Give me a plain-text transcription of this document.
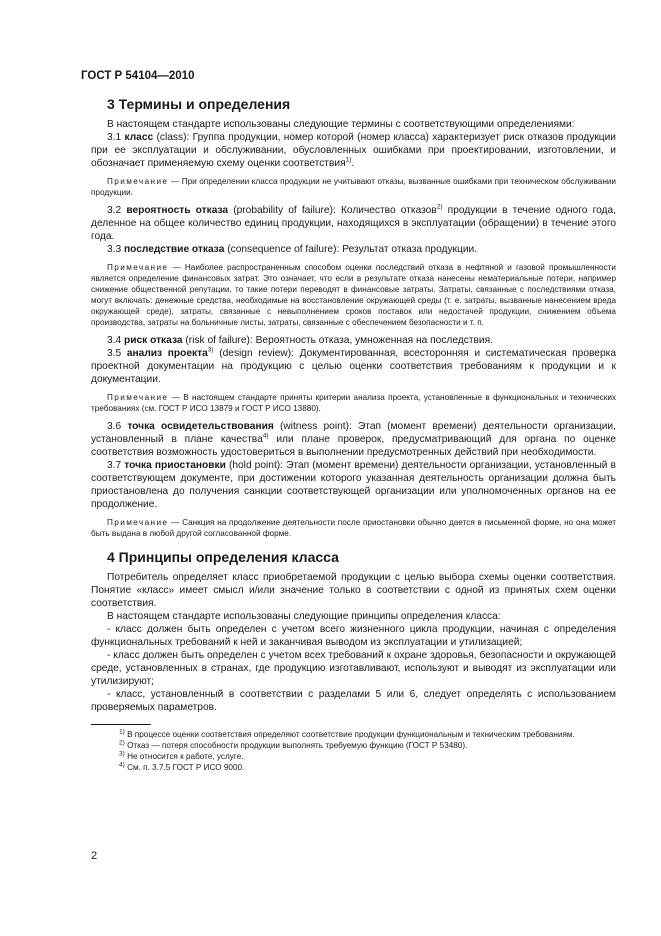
ГОСТ Р 54104—2010
3 Термины и определения

В настоящем стандарте использованы следующие термины с соответствующими определениями:

3.1 класс (class): Группа продукции, номер которой (номер класса) характеризует риск отказов продукции при ее эксплуатации и обслуживании, обусловленных ошибками при проектировании, изготовлении, и обозначает применяемую схему оценки соответствия$^{1)}$.

Примечание — При определении класса продукции не учитывают отказы, вызванные ошибками при техническом обслуживании продукции.

3.2 вероятность отказа (probability of failure): Количество отказов$^{2)}$ продукции в течение одного года, деленное на общее количество единиц продукции, находящихся в эксплуатации (обращении) в течение этого года.

3.3 последствие отказа (consequence of failure): Результат отказа продукции.

Примечание — Наиболее распространенным способом оценки последствий отказа в нефтяной и газовой промышленности является определение финансовых затрат. Это означает, что если в результате отказа нанесены нематериальные потери, например снижение общественной репутации, то такие потери переводят в финансовые затраты. Затраты, связанные с последствиями отказа, могут включать: денежные средства, необходимые на восстановление окружающей среды (т. е. затраты, вызванные нанесением вреда окружающей среде), затраты, связанные с невыполнением сроков поставок или недостачей продукции, снижением объема производства, затраты на больничные листы, затраты, связанные с обеспечением безопасности и т. п.

3.4 риск отказа (risk of failure): Вероятность отказа, умноженная на последствия.

3.5 анализ проекта$^{3)}$ (design review): Документированная, всесторонняя и систематическая проверка проектной документации на продукцию с целью оценки соответствия требованиям к продукции и к документации.

Примечание — В настоящем стандарте приняты критерии анализа проекта, установленные в функциональных и технических требованиях (см. ГОСТ Р ИСО 13879 и ГОСТ Р ИСО 13880).

3.6 точка освидетельствования (witness point): Этап (момент времени) деятельности организации, установленный в плане качества$^{4)}$ или плане проверок, предусматривающий для органа по оценке соответствия возможность удостовериться в выполнении предусмотренных действий при необходимости.

3.7 точка приостановки (hold point): Этап (момент времени) деятельности организации, установленный в соответствующем документе, при достижении которого указанная деятельность организации должна быть приостановлена до получения санкции соответствующей организации или уполномоченных органов на ее продолжение.

Примечание — Санкция на продолжение деятельности после приостановки обычно дается в письменной форме, но она может быть выдана в любой другой согласованной форме.

4 Принципы определения класса

Потребитель определяет класс приобретаемой продукции с целью выбора схемы оценки соответствия. Понятие «класс» имеет смысл и/или значение только в соответствии с одной из принятых схем оценки соответствия.

В настоящем стандарте использованы следующие принципы определения класса:

- класс должен быть определен с учетом всего жизненного цикла продукции, начиная с определения функциональных требований к ней и заканчивая выводом из эксплуатации и утилизацией;

- класс должен быть определен с учетом всех требований к охране здоровья, безопасности и окружающей среде, установленных в странах, где продукцию изготавливают, используют и выводят из эксплуатации или утилизируют;

- класс, установленный в соответствии с разделами 5 или 6, следует определять с использованием проверяемых параметров.

$^{1)}$ В процессе оценки соответствия определяют соответствие продукции функциональным и техническим требованиям.

$^{2)}$ Отказ — потеря способности продукции выполнять требуемую функцию (ГОСТ Р 53480).

$^{3)}$ Не относится к работе, услуге.

$^{4)}$ См. п. 3.7.5 ГОСТ Р ИСО 9000.

2
